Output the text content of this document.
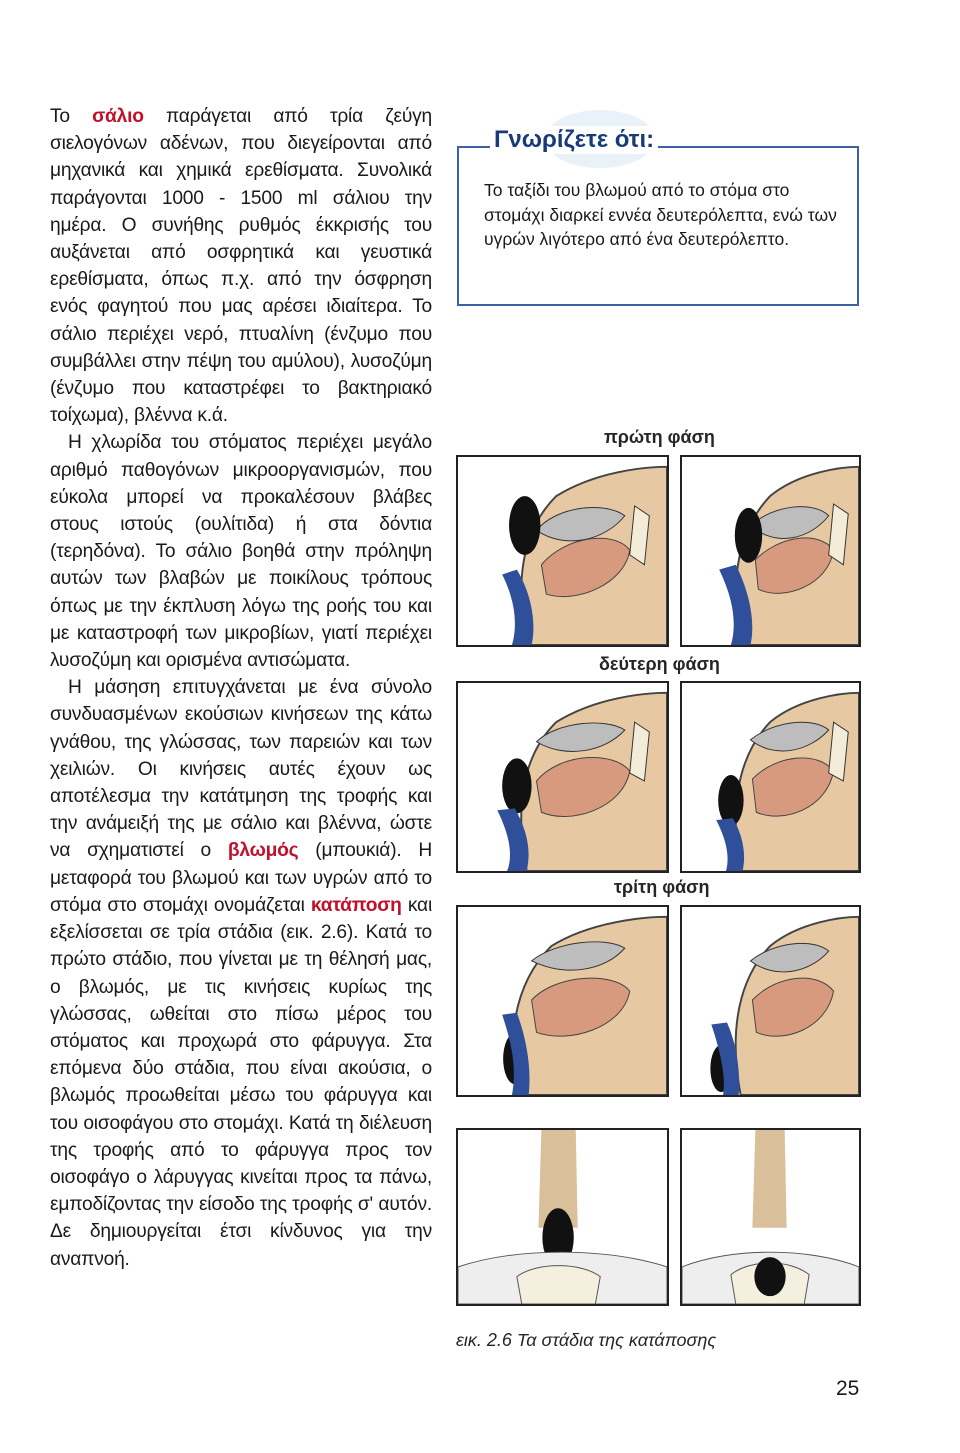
Το σάλιο παράγεται από τρία ζεύγη σιελογόνων αδένων, που διεγείρονται από μηχανικά και χημικά ερεθίσματα. Συνολικά παράγονται 1000 - 1500 ml σάλιου την ημέρα. Ο συνήθης ρυθμός έκκρισής του αυξάνεται από οσφρητικά και γευστικά ερεθίσματα, όπως π.χ. από την όσφρηση ενός φαγητού που μας αρέσει ιδιαίτερα. Το σάλιο περιέχει νερό, πτυαλίνη (ένζυμο που συμβάλλει στην πέψη του αμύλου), λυσοζύμη (ένζυμο που καταστρέφει το βακτηριακό τοίχωμα), βλέννα κ.ά.

Η χλωρίδα του στόματος περιέχει μεγάλο αριθμό παθογόνων μικροοργανισμών, που εύκολα μπορεί να προκαλέσουν βλάβες στους ιστούς (ουλίτιδα) ή στα δόντια (τερηδόνα). Το σάλιο βοηθά στην πρόληψη αυτών των βλαβών με ποικίλους τρόπους όπως με την έκπλυση λόγω της ροής του και με καταστροφή των μικροβίων, γιατί περιέχει λυσοζύμη και ορισμένα αντισώματα.

Η μάσηση επιτυγχάνεται με ένα σύνολο συνδυασμένων εκούσιων κινήσεων της κάτω γνάθου, της γλώσσας, των παρειών και των χειλιών. Οι κινήσεις αυτές έχουν ως αποτέλεσμα την κατάτμηση της τροφής και την ανάμειξή της με σάλιο και βλέννα, ώστε να σχηματιστεί ο βλωμός (μπουκιά). Η μεταφορά του βλωμού και των υγρών από το στόμα στο στομάχι ονομάζεται κατάποση και εξελίσσεται σε τρία στάδια (εικ. 2.6). Κατά το πρώτο στάδιο, που γίνεται με τη θέλησή μας, ο βλωμός, με τις κινήσεις κυρίως της γλώσσας, ωθείται στο πίσω μέρος του στόματος και προχωρά στο φάρυγγα. Στα επόμενα δύο στάδια, που είναι ακούσια, ο βλωμός προωθείται μέσω του φάρυγγα και του οισοφάγου στο στομάχι. Κατά τη διέλευση της τροφής από το φάρυγγα προς τον οισοφάγο ο λάρυγγας κινείται προς τα πάνω, εμποδίζοντας την είσοδο της τροφής σ' αυτόν. Δε δημιουργείται έτσι κίνδυνος για την αναπνοή.

Γνωρίζετε ότι:
Το ταξίδι του βλωμού από το στόμα στο στομάχι διαρκεί εννέα δευτερόλεπτα, ενώ των υγρών λιγότερο από ένα δευτερόλεπτο.
πρώτη φάση
δεύτερη φάση
τρίτη φάση
εικ. 2.6 Τα στάδια της κατάποσης
25
